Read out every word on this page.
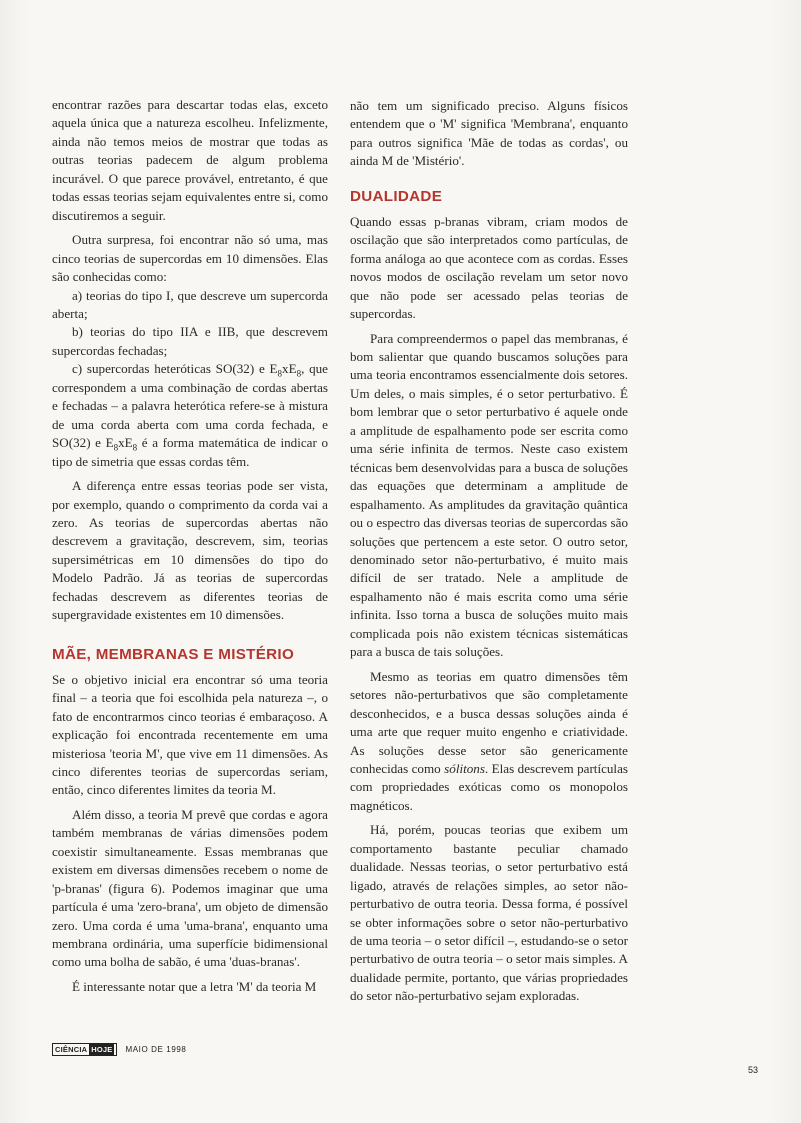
encontrar razões para descartar todas elas, exceto aquela única que a natureza escolheu. Infelizmente, ainda não temos meios de mostrar que todas as outras teorias padecem de algum problema incurável. O que parece provável, entretanto, é que todas essas teorias sejam equivalentes entre si, como discutiremos a seguir.

Outra surpresa, foi encontrar não só uma, mas cinco teorias de supercordas em 10 dimensões. Elas são conhecidas como:

a) teorias do tipo I, que descreve um supercorda aberta;

b) teorias do tipo IIA e IIB, que descrevem supercordas fechadas;

c) supercordas heteróticas SO(32) e $E_8xE_8$, que correspondem a uma combinação de cordas abertas e fechadas – a palavra heterótica refere-se à mistura de uma corda aberta com uma corda fechada, e SO(32) e $E_8xE_8$ é a forma matemática de indicar o tipo de simetria que essas cordas têm.

A diferença entre essas teorias pode ser vista, por exemplo, quando o comprimento da corda vai a zero. As teorias de supercordas abertas não descrevem a gravitação, descrevem, sim, teorias supersimétricas em 10 dimensões do tipo do Modelo Padrão. Já as teorias de supercordas fechadas descrevem as diferentes teorias de supergravidade existentes em 10 dimensões.

MÃE, MEMBRANAS E MISTÉRIO

Se o objetivo inicial era encontrar só uma teoria final – a teoria que foi escolhida pela natureza –, o fato de encontrarmos cinco teorias é embaraçoso. A explicação foi encontrada recentemente em uma misteriosa 'teoria M', que vive em 11 dimensões. As cinco diferentes teorias de supercordas seriam, então, cinco diferentes limites da teoria M.

Além disso, a teoria M prevê que cordas e agora também membranas de várias dimensões podem coexistir simultaneamente. Essas membranas que existem em diversas dimensões recebem o nome de 'p-branas' (figura 6). Podemos imaginar que uma partícula é uma 'zero-brana', um objeto de dimensão zero. Uma corda é uma 'uma-brana', enquanto uma membrana ordinária, uma superfície bidimensional como uma bolha de sabão, é uma 'duas-branas'.

É interessante notar que a letra 'M' da teoria M

não tem um significado preciso. Alguns físicos entendem que o 'M' significa 'Membrana', enquanto para outros significa 'Mãe de todas as cordas', ou ainda M de 'Mistério'.

DUALIDADE

Quando essas p-branas vibram, criam modos de oscilação que são interpretados como partículas, de forma análoga ao que acontece com as cordas. Esses novos modos de oscilação revelam um setor novo que não pode ser acessado pelas teorias de supercordas.

Para compreendermos o papel das membranas, é bom salientar que quando buscamos soluções para uma teoria encontramos essencialmente dois setores. Um deles, o mais simples, é o setor perturbativo. É bom lembrar que o setor perturbativo é aquele onde a amplitude de espalhamento pode ser escrita como uma série infinita de termos. Neste caso existem técnicas bem desenvolvidas para a busca de soluções das equações que determinam a amplitude de espalhamento. As amplitudes da gravitação quântica ou o espectro das diversas teorias de supercordas são soluções que pertencem a este setor. O outro setor, denominado setor não-perturbativo, é muito mais difícil de ser tratado. Nele a amplitude de espalhamento não é mais escrita como uma série infinita. Isso torna a busca de soluções muito mais complicada pois não existem técnicas sistemáticas para a busca de tais soluções.

Mesmo as teorias em quatro dimensões têm setores não-perturbativos que são completamente desconhecidos, e a busca dessas soluções ainda é uma arte que requer muito engenho e criatividade. As soluções desse setor são genericamente conhecidas como sólitons. Elas descrevem partículas com propriedades exóticas como os monopolos magnéticos.

Há, porém, poucas teorias que exibem um comportamento bastante peculiar chamado dualidade. Nessas teorias, o setor perturbativo está ligado, através de relações simples, ao setor não-perturbativo de outra teoria. Dessa forma, é possível se obter informações sobre o setor não-perturbativo de uma teoria – o setor difícil –, estudando-se o setor perturbativo de outra teoria – o setor mais simples. A dualidade permite, portanto, que várias propriedades do setor não-perturbativo sejam exploradas.

CIÊNCIA HOJE MAIO DE 1998
53
